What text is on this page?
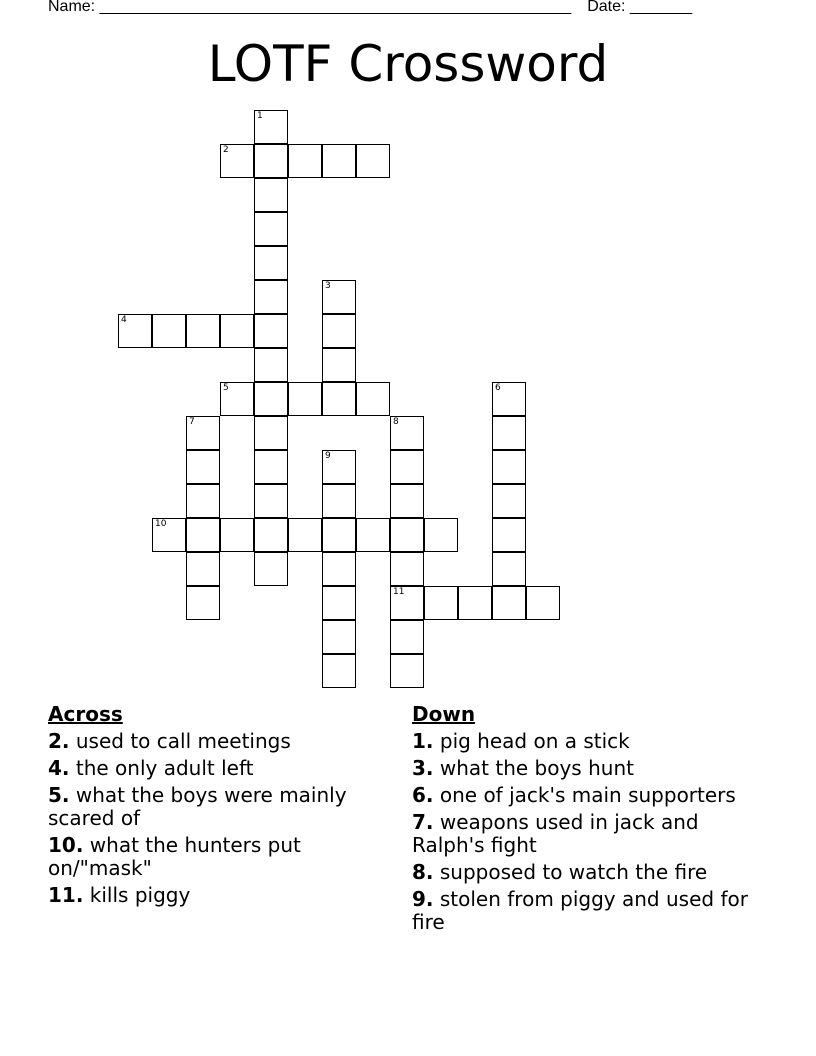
Name: _____________________________________________________ Date: _______
LOTF Crossword
1
2
4
3
5	6
7	8
11
9
10
Across
2. used to call meetings
4. the only adult left
5. what the boys were mainly scared of
10. what the hunters put on/"mask"
11. kills piggy
Down
1. pig head on a stick
3. what the boys hunt
6. one of jack's main supporters
7. weapons used in jack and Ralph's fight
8. supposed to watch the fire
9. stolen from piggy and used for fire
